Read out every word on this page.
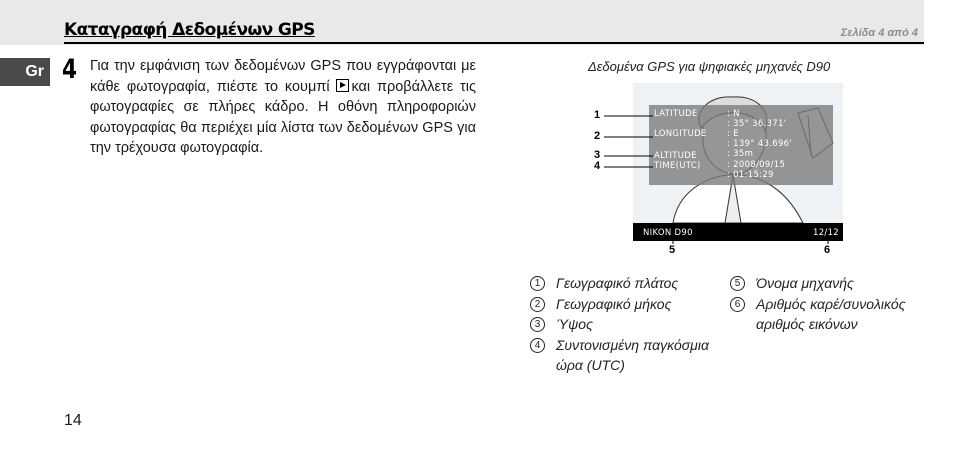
Καταγραφή Δεδομένων GPS	Σελίδα 4 από 4
Gr 4 Για την εμφάνιση των δεδομένων GPS που εγγράφονται με κάθε φωτογραφία, πιέστε το κουμπί και προβάλλετε τις φωτογραφίες σε πλήρες κάδρο. Η οθόνη πληροφοριών φωτογραφίας θα περιέχει μία λίστα των δεδομένων GPS για την τρέχουσα φωτογραφία.
Δεδομένα GPS για ψηφιακές μηχανές D90
LATITUDE	: N
: 35° 36.371'
LONGITUDE : E
: 139° 43.696'
ALTITUDE	: 35m
TIME(UTC)	: 2008/09/15
: 01:15:29
NIKON D90	12/12
1
2
3
4
5	6
1	Γεωγραφικό πλάτος
2	Γεωγραφικό μήκος
3	Ύψος
4	Συντονισμένη παγκόσμια ώρα (UTC)
5	Όνομα μηχανής
6	Αριθμός καρέ/συνολικός αριθμός εικόνων
14
